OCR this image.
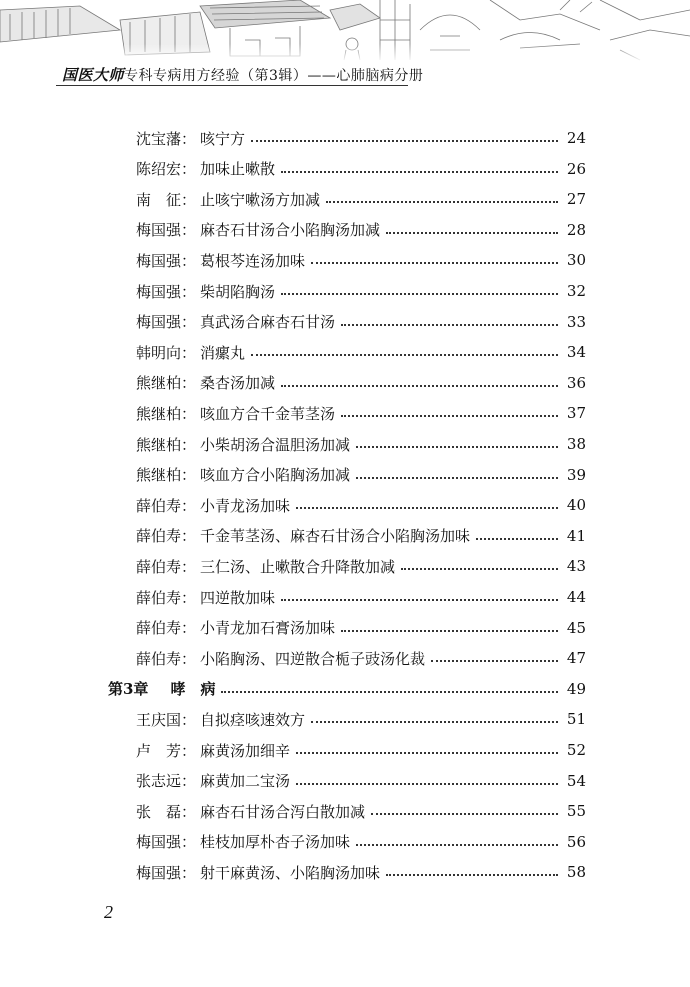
国医大师专科专病用方经验（第3辑）——心肺脑病分册
沈宝藩： 咳宁方	24
陈绍宏： 加味止嗽散	26
南　征： 止咳宁嗽汤方加减	27
梅国强： 麻杏石甘汤合小陷胸汤加减	28
梅国强： 葛根芩连汤加味	30
梅国强： 柴胡陷胸汤	32
梅国强： 真武汤合麻杏石甘汤	33
韩明向： 消瘰丸	34
熊继柏： 桑杏汤加减	36
熊继柏： 咳血方合千金苇茎汤	37
熊继柏： 小柴胡汤合温胆汤加减	38
熊继柏： 咳血方合小陷胸汤加减	39
薛伯寿： 小青龙汤加味	40
薛伯寿： 千金苇茎汤、麻杏石甘汤合小陷胸汤加味	41
薛伯寿： 三仁汤、止嗽散合升降散加减	43
薛伯寿： 四逆散加味	44
薛伯寿： 小青龙加石膏汤加味	45
薛伯寿： 小陷胸汤、四逆散合栀子豉汤化裁	47
第3章 哮　病	49
王庆国： 自拟痉咳速效方	51
卢　芳： 麻黄汤加细辛	52
张志远： 麻黄加二宝汤	54
张　磊： 麻杏石甘汤合泻白散加减	55
梅国强： 桂枝加厚朴杏子汤加味	56
梅国强： 射干麻黄汤、小陷胸汤加味	58
2
